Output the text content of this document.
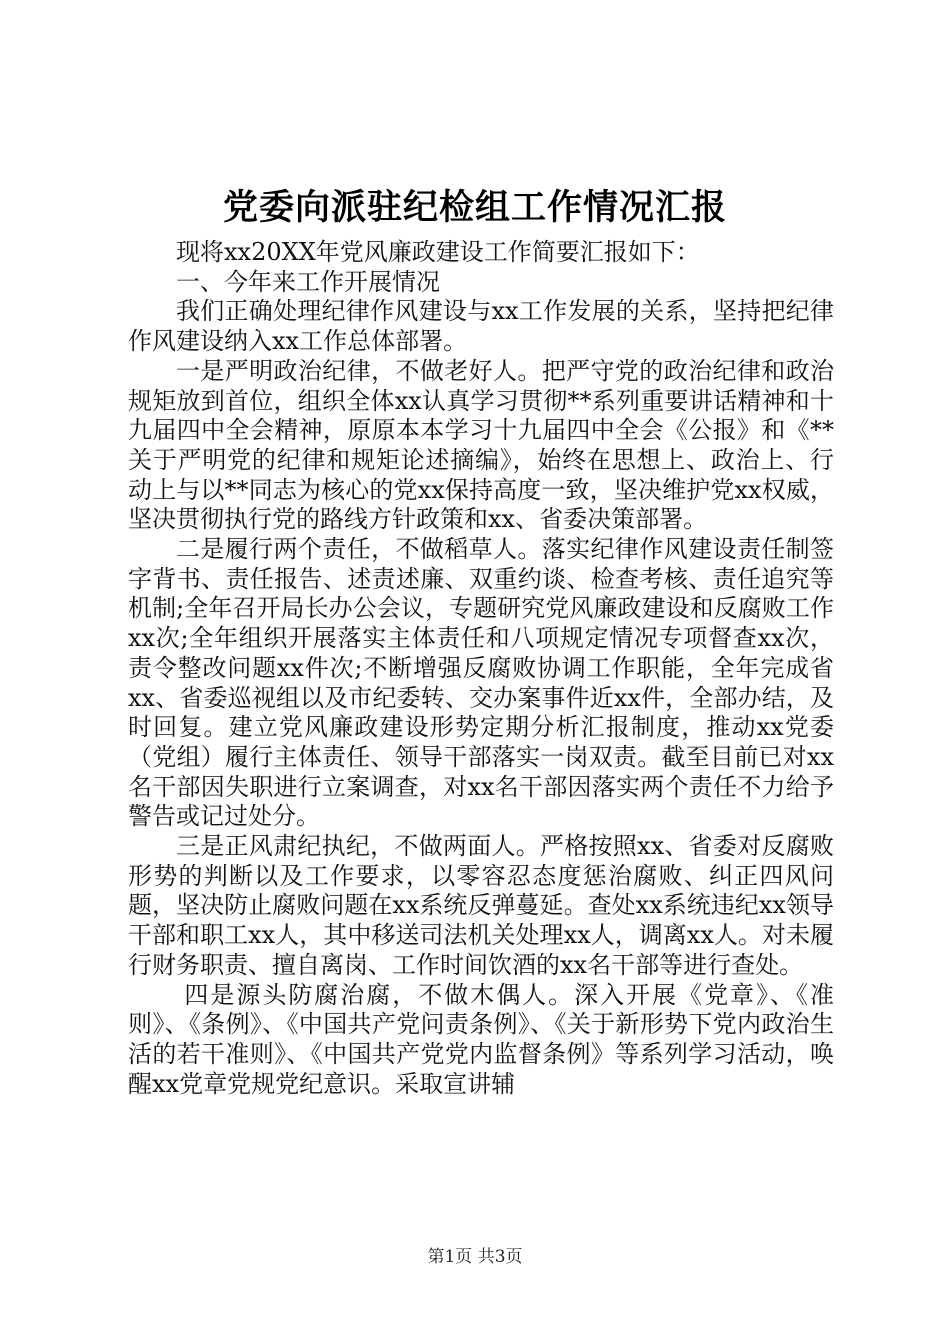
党委向派驻纪检组工作情况汇报

现将xx20XX年党风廉政建设工作简要汇报如下：

一、今年来工作开展情况

我们正确处理纪律作风建设与xx工作发展的关系，坚持把纪律作风建设纳入xx工作总体部署。

一是严明政治纪律，不做老好人。把严守党的政治纪律和政治规矩放到首位，组织全体xx认真学习贯彻**系列重要讲话精神和十九届四中全会精神，原原本本学习十九届四中全会《公报》和《**关于严明党的纪律和规矩论述摘编》，始终在思想上、政治上、行动上与以**同志为核心的党xx保持高度一致，坚决维护党xx权威，坚决贯彻执行党的路线方针政策和xx、省委决策部署。

二是履行两个责任，不做稻草人。落实纪律作风建设责任制签字背书、责任报告、述责述廉、双重约谈、检查考核、责任追究等机制;全年召开局长办公会议，专题研究党风廉政建设和反腐败工作xx次;全年组织开展落实主体责任和八项规定情况专项督查xx次，责令整改问题xx件次;不断增强反腐败协调工作职能，全年完成省xx、省委巡视组以及市纪委转、交办案事件近xx件，全部办结，及时回复。建立党风廉政建设形势定期分析汇报制度，推动xx党委（党组）履行主体责任、领导干部落实一岗双责。截至目前已对xx名干部因失职进行立案调查，对xx名干部因落实两个责任不力给予警告或记过处分。

三是正风肃纪执纪，不做两面人。严格按照xx、省委对反腐败形势的判断以及工作要求，以零容忍态度惩治腐败、纠正四风问题，坚决防止腐败问题在xx系统反弹蔓延。查处xx系统违纪xx领导干部和职工xx人，其中移送司法机关处理xx人，调离xx人。对未履行财务职责、擅自离岗、工作时间饮酒的xx名干部等进行查处。

四是源头防腐治腐，不做木偶人。深入开展《党章》、《准则》、《条例》、《中国共产党问责条例》、《关于新形势下党内政治生活的若干准则》、《中国共产党党内监督条例》等系列学习活动，唤醒xx党章党规党纪意识。采取宣讲辅

第1页 共3页
